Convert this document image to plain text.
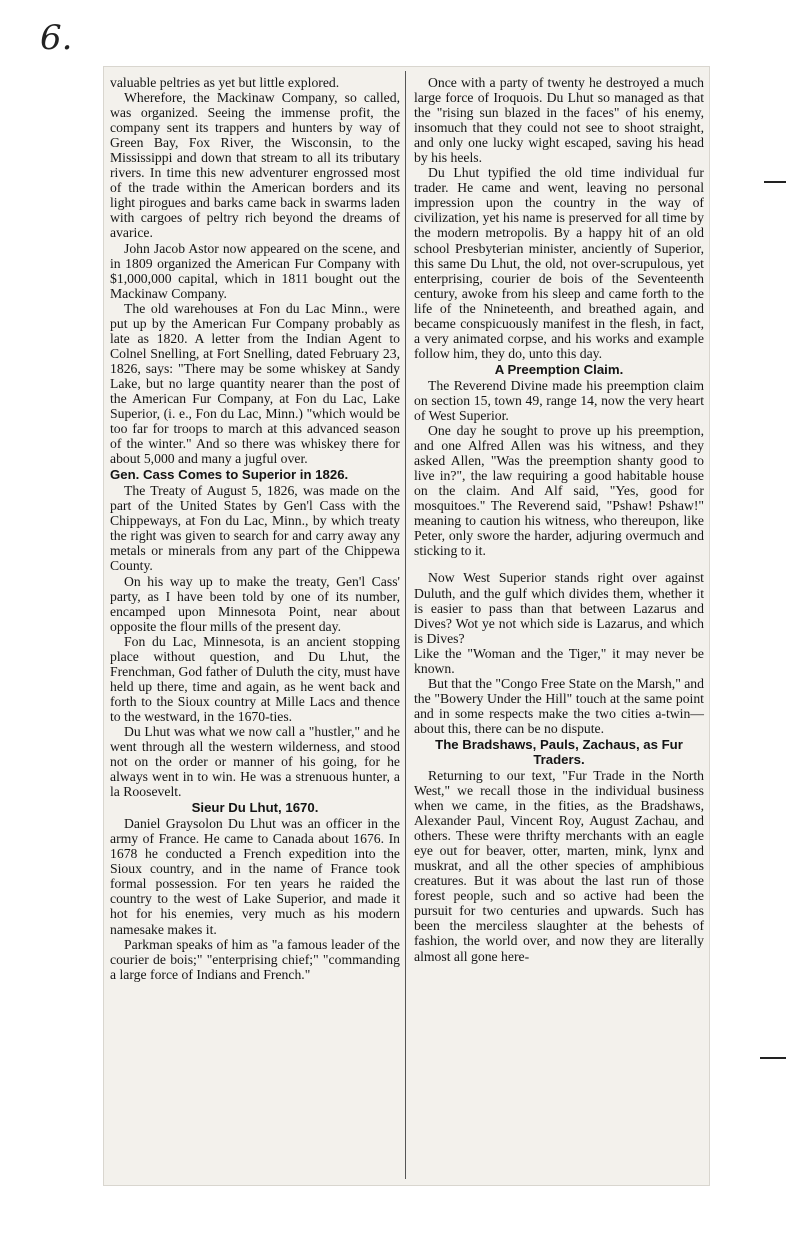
6.

valuable peltries as yet but little explored.

Wherefore, the Mackinaw Company, so called, was organized. Seeing the immense profit, the company sent its trappers and hunters by way of Green Bay, Fox River, the Wisconsin, to the Mississippi and down that stream to all its tributary rivers. In time this new adventurer engrossed most of the trade within the American borders and its light pirogues and barks came back in swarms laden with cargoes of peltry rich beyond the dreams of avarice.

John Jacob Astor now appeared on the scene, and in 1809 organized the American Fur Company with $1,000,000 capital, which in 1811 bought out the Mackinaw Company.

The old warehouses at Fon du Lac Minn., were put up by the American Fur Company probably as late as 1820. A letter from the Indian Agent to Colnel Snelling, at Fort Snelling, dated February 23, 1826, says: "There may be some whiskey at Sandy Lake, but no large quantity nearer than the post of the American Fur Company, at Fon du Lac, Lake Superior, (i. e., Fon du Lac, Minn.) "which would be too far for troops to march at this advanced season of the winter." And so there was whiskey there for about 5,000 and many a jugful over.

Gen. Cass Comes to Superior in 1826.

The Treaty of August 5, 1826, was made on the part of the United States by Gen'l Cass with the Chippeways, at Fon du Lac, Minn., by which treaty the right was given to search for and carry away any metals or minerals from any part of the Chippewa County.

On his way up to make the treaty, Gen'l Cass' party, as I have been told by one of its number, encamped upon Minnesota Point, near about opposite the flour mills of the present day.

Fon du Lac, Minnesota, is an ancient stopping place without question, and Du Lhut, the Frenchman, God father of Duluth the city, must have held up there, time and again, as he went back and forth to the Sioux country at Mille Lacs and thence to the westward, in the 1670-ties.

Du Lhut was what we now call a "hustler," and he went through all the western wilderness, and stood not on the order or manner of his going, for he always went in to win. He was a strenuous hunter, a la Roosevelt.

Sieur Du Lhut, 1670.

Daniel Graysolon Du Lhut was an officer in the army of France. He came to Canada about 1676. In 1678 he conducted a French expedition into the Sioux country, and in the name of France took formal possession. For ten years he raided the country to the west of Lake Superior, and made it hot for his enemies, very much as his modern namesake makes it.

Parkman speaks of him as "a famous leader of the courier de bois;" "enterprising chief;" "commanding a large force of Indians and French."

Once with a party of twenty he destroyed a much large force of Iroquois. Du Lhut so managed as that the "rising sun blazed in the faces" of his enemy, insomuch that they could not see to shoot straight, and only one lucky wight escaped, saving his head by his heels.

Du Lhut typified the old time individual fur trader. He came and went, leaving no personal impression upon the country in the way of civilization, yet his name is preserved for all time by the modern metropolis. By a happy hit of an old school Presbyterian minister, anciently of Superior, this same Du Lhut, the old, not over-scrupulous, yet enterprising, courier de bois of the Seventeenth century, awoke from his sleep and came forth to the life of the Nnineteenth, and breathed again, and became conspicuously manifest in the flesh, in fact, a very animated corpse, and his works and example follow him, they do, unto this day.

A Preemption Claim.

The Reverend Divine made his preemption claim on section 15, town 49, range 14, now the very heart of West Superior.

One day he sought to prove up his preemption, and one Alfred Allen was his witness, and they asked Allen, "Was the preemption shanty good to live in?", the law requiring a good habitable house on the claim. And Alf said, "Yes, good for mosquitoes." The Reverend said, "Pshaw! Pshaw!" meaning to caution his witness, who thereupon, like Peter, only swore the harder, adjuring overmuch and sticking to it.

Now West Superior stands right over against Duluth, and the gulf which divides them, whether it is easier to pass than that between Lazarus and Dives? Wot ye not which side is Lazarus, and which is Dives?

Like the "Woman and the Tiger," it may never be known.

But that the "Congo Free State on the Marsh," and the "Bowery Under the Hill" touch at the same point and in some respects make the two cities a-twin—about this, there can be no dispute.

The Bradshaws, Pauls, Zachaus, as Fur Traders.

Returning to our text, "Fur Trade in the North West," we recall those in the individual business when we came, in the fities, as the Bradshaws, Alexander Paul, Vincent Roy, August Zachau, and others. These were thrifty merchants with an eagle eye out for beaver, otter, marten, mink, lynx and muskrat, and all the other species of amphibious creatures. But it was about the last run of those forest people, such and so active had been the pursuit for two centuries and upwards. Such has been the merciless slaughter at the behests of fashion, the world over, and now they are literally almost all gone here-
